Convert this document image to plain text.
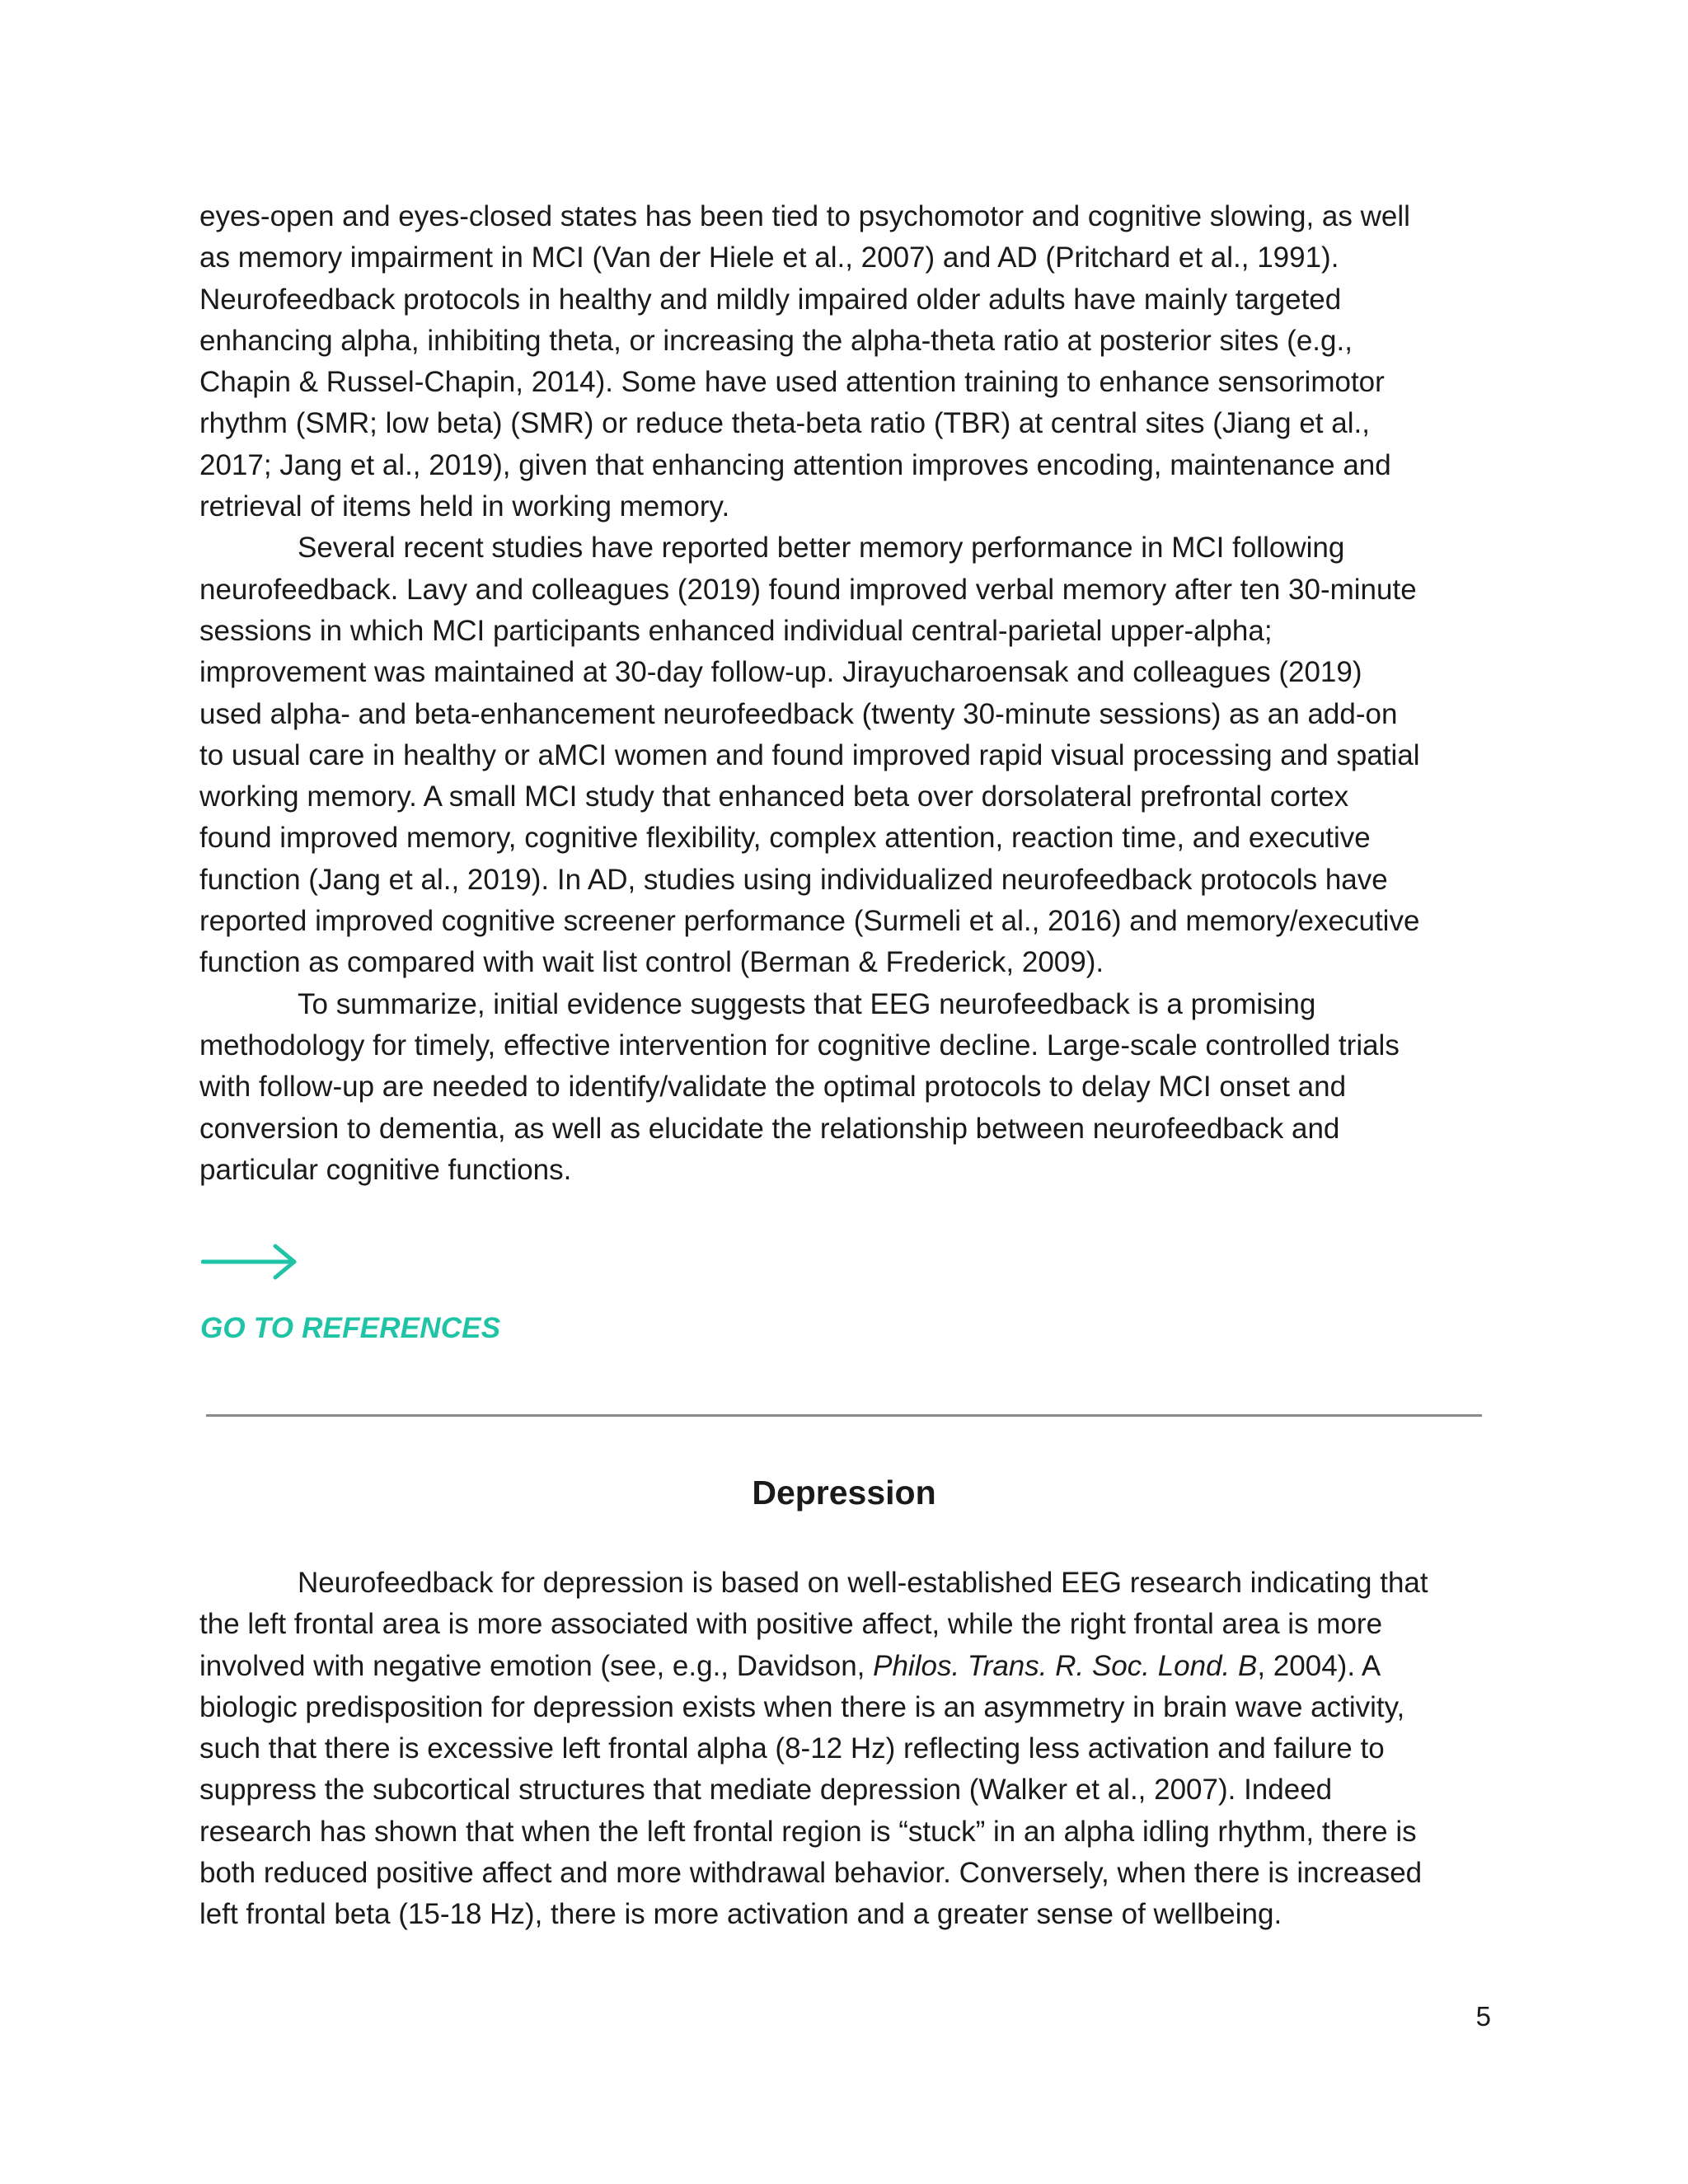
eyes-open and eyes-closed states has been tied to psychomotor and cognitive slowing, as well
as memory impairment in MCI (Van der Hiele et al., 2007) and AD (Pritchard et al., 1991).
Neurofeedback protocols in healthy and mildly impaired older adults have mainly targeted
enhancing alpha, inhibiting theta, or increasing the alpha-theta ratio at posterior sites (e.g.,
Chapin & Russel-Chapin, 2014). Some have used attention training to enhance sensorimotor
rhythm (SMR; low beta) (SMR) or reduce theta-beta ratio (TBR) at central sites (Jiang et al.,
2017; Jang et al., 2019), given that enhancing attention improves encoding, maintenance and
retrieval of items held in working memory.
Several recent studies have reported better memory performance in MCI following
neurofeedback. Lavy and colleagues (2019) found improved verbal memory after ten 30-minute
sessions in which MCI participants enhanced individual central-parietal upper-alpha;
improvement was maintained at 30-day follow-up. Jirayucharoensak and colleagues (2019)
used alpha- and beta-enhancement neurofeedback (twenty 30-minute sessions) as an add-on
to usual care in healthy or aMCI women and found improved rapid visual processing and spatial
working memory. A small MCI study that enhanced beta over dorsolateral prefrontal cortex
found improved memory, cognitive flexibility, complex attention, reaction time, and executive
function (Jang et al., 2019). In AD, studies using individualized neurofeedback protocols have
reported improved cognitive screener performance (Surmeli et al., 2016) and memory/executive
function as compared with wait list control (Berman & Frederick, 2009).
To summarize, initial evidence suggests that EEG neurofeedback is a promising
methodology for timely, effective intervention for cognitive decline. Large-scale controlled trials
with follow-up are needed to identify/validate the optimal protocols to delay MCI onset and
conversion to dementia, as well as elucidate the relationship between neurofeedback and
particular cognitive functions.
GO TO REFERENCES
Depression
Neurofeedback for depression is based on well-established EEG research indicating that
the left frontal area is more associated with positive affect, while the right frontal area is more
involved with negative emotion (see, e.g., Davidson, Philos. Trans. R. Soc. Lond. B, 2004). A
biologic predisposition for depression exists when there is an asymmetry in brain wave activity,
such that there is excessive left frontal alpha (8-12 Hz) reflecting less activation and failure to
suppress the subcortical structures that mediate depression (Walker et al., 2007). Indeed
research has shown that when the left frontal region is “stuck” in an alpha idling rhythm, there is
both reduced positive affect and more withdrawal behavior. Conversely, when there is increased
left frontal beta (15-18 Hz), there is more activation and a greater sense of wellbeing.
5
